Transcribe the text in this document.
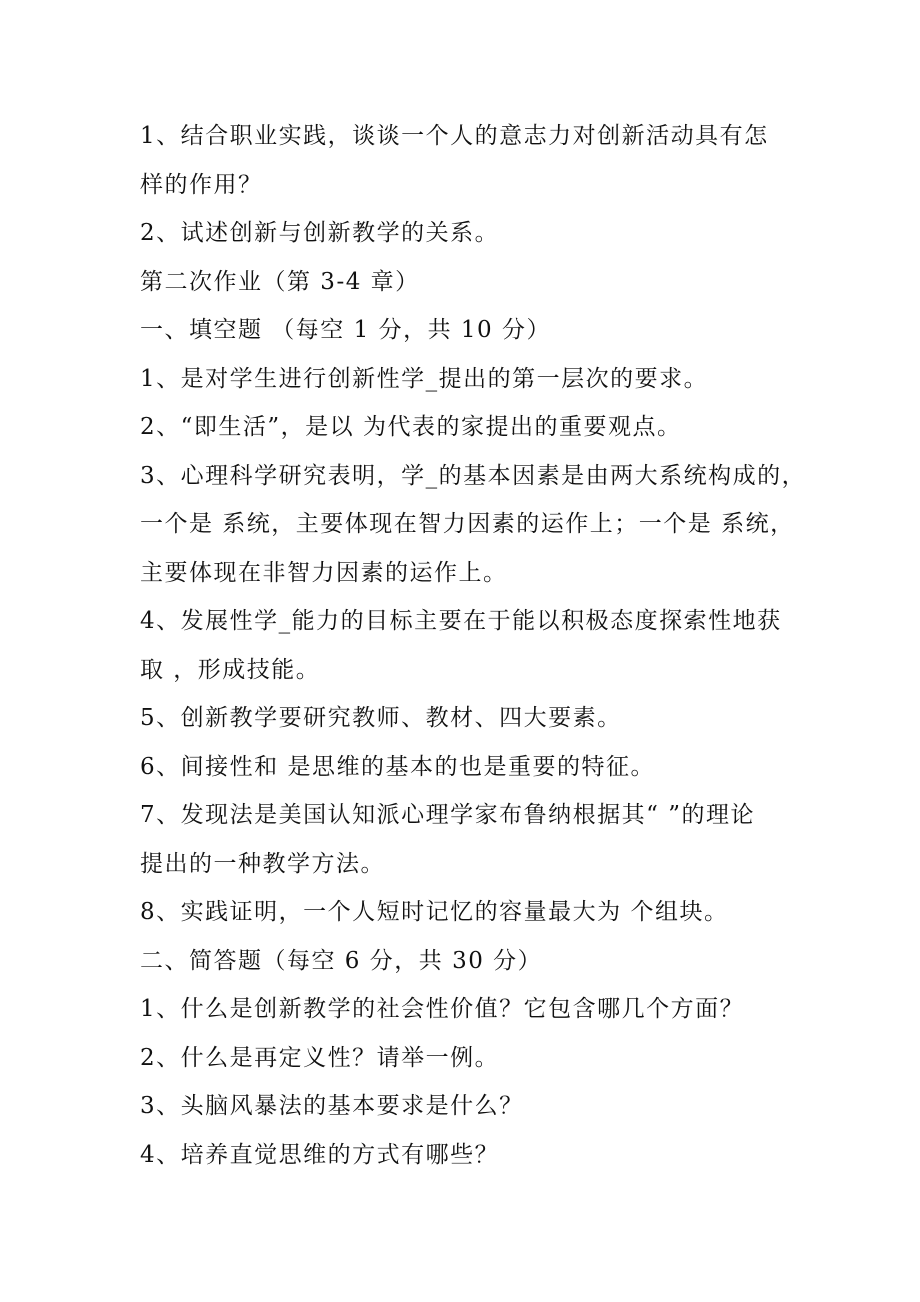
1、结合职业实践，谈谈一个人的意志力对创新活动具有怎
样的作用？
2、试述创新与创新教学的关系。
第二次作业（第 3-4 章）
一、填空题 （每空 1 分，共 10 分）
1、是对学生进行创新性学_提出的第一层次的要求。
2、“即生活”，是以 为代表的家提出的重要观点。
3、心理科学研究表明，学_的基本因素是由两大系统构成的，
一个是 系统，主要体现在智力因素的运作上；一个是 系统，
主要体现在非智力因素的运作上。
4、发展性学_能力的目标主要在于能以积极态度探索性地获
取 ，形成技能。
5、创新教学要研究教师、教材、四大要素。
6、间接性和 是思维的基本的也是重要的特征。
7、发现法是美国认知派心理学家布鲁纳根据其“ ”的理论
提出的一种教学方法。
8、实践证明，一个人短时记忆的容量最大为 个组块。
二、简答题（每空 6 分，共 30 分）
1、什么是创新教学的社会性价值？它包含哪几个方面？
2、什么是再定义性？请举一例。
3、头脑风暴法的基本要求是什么？
4、培养直觉思维的方式有哪些？
